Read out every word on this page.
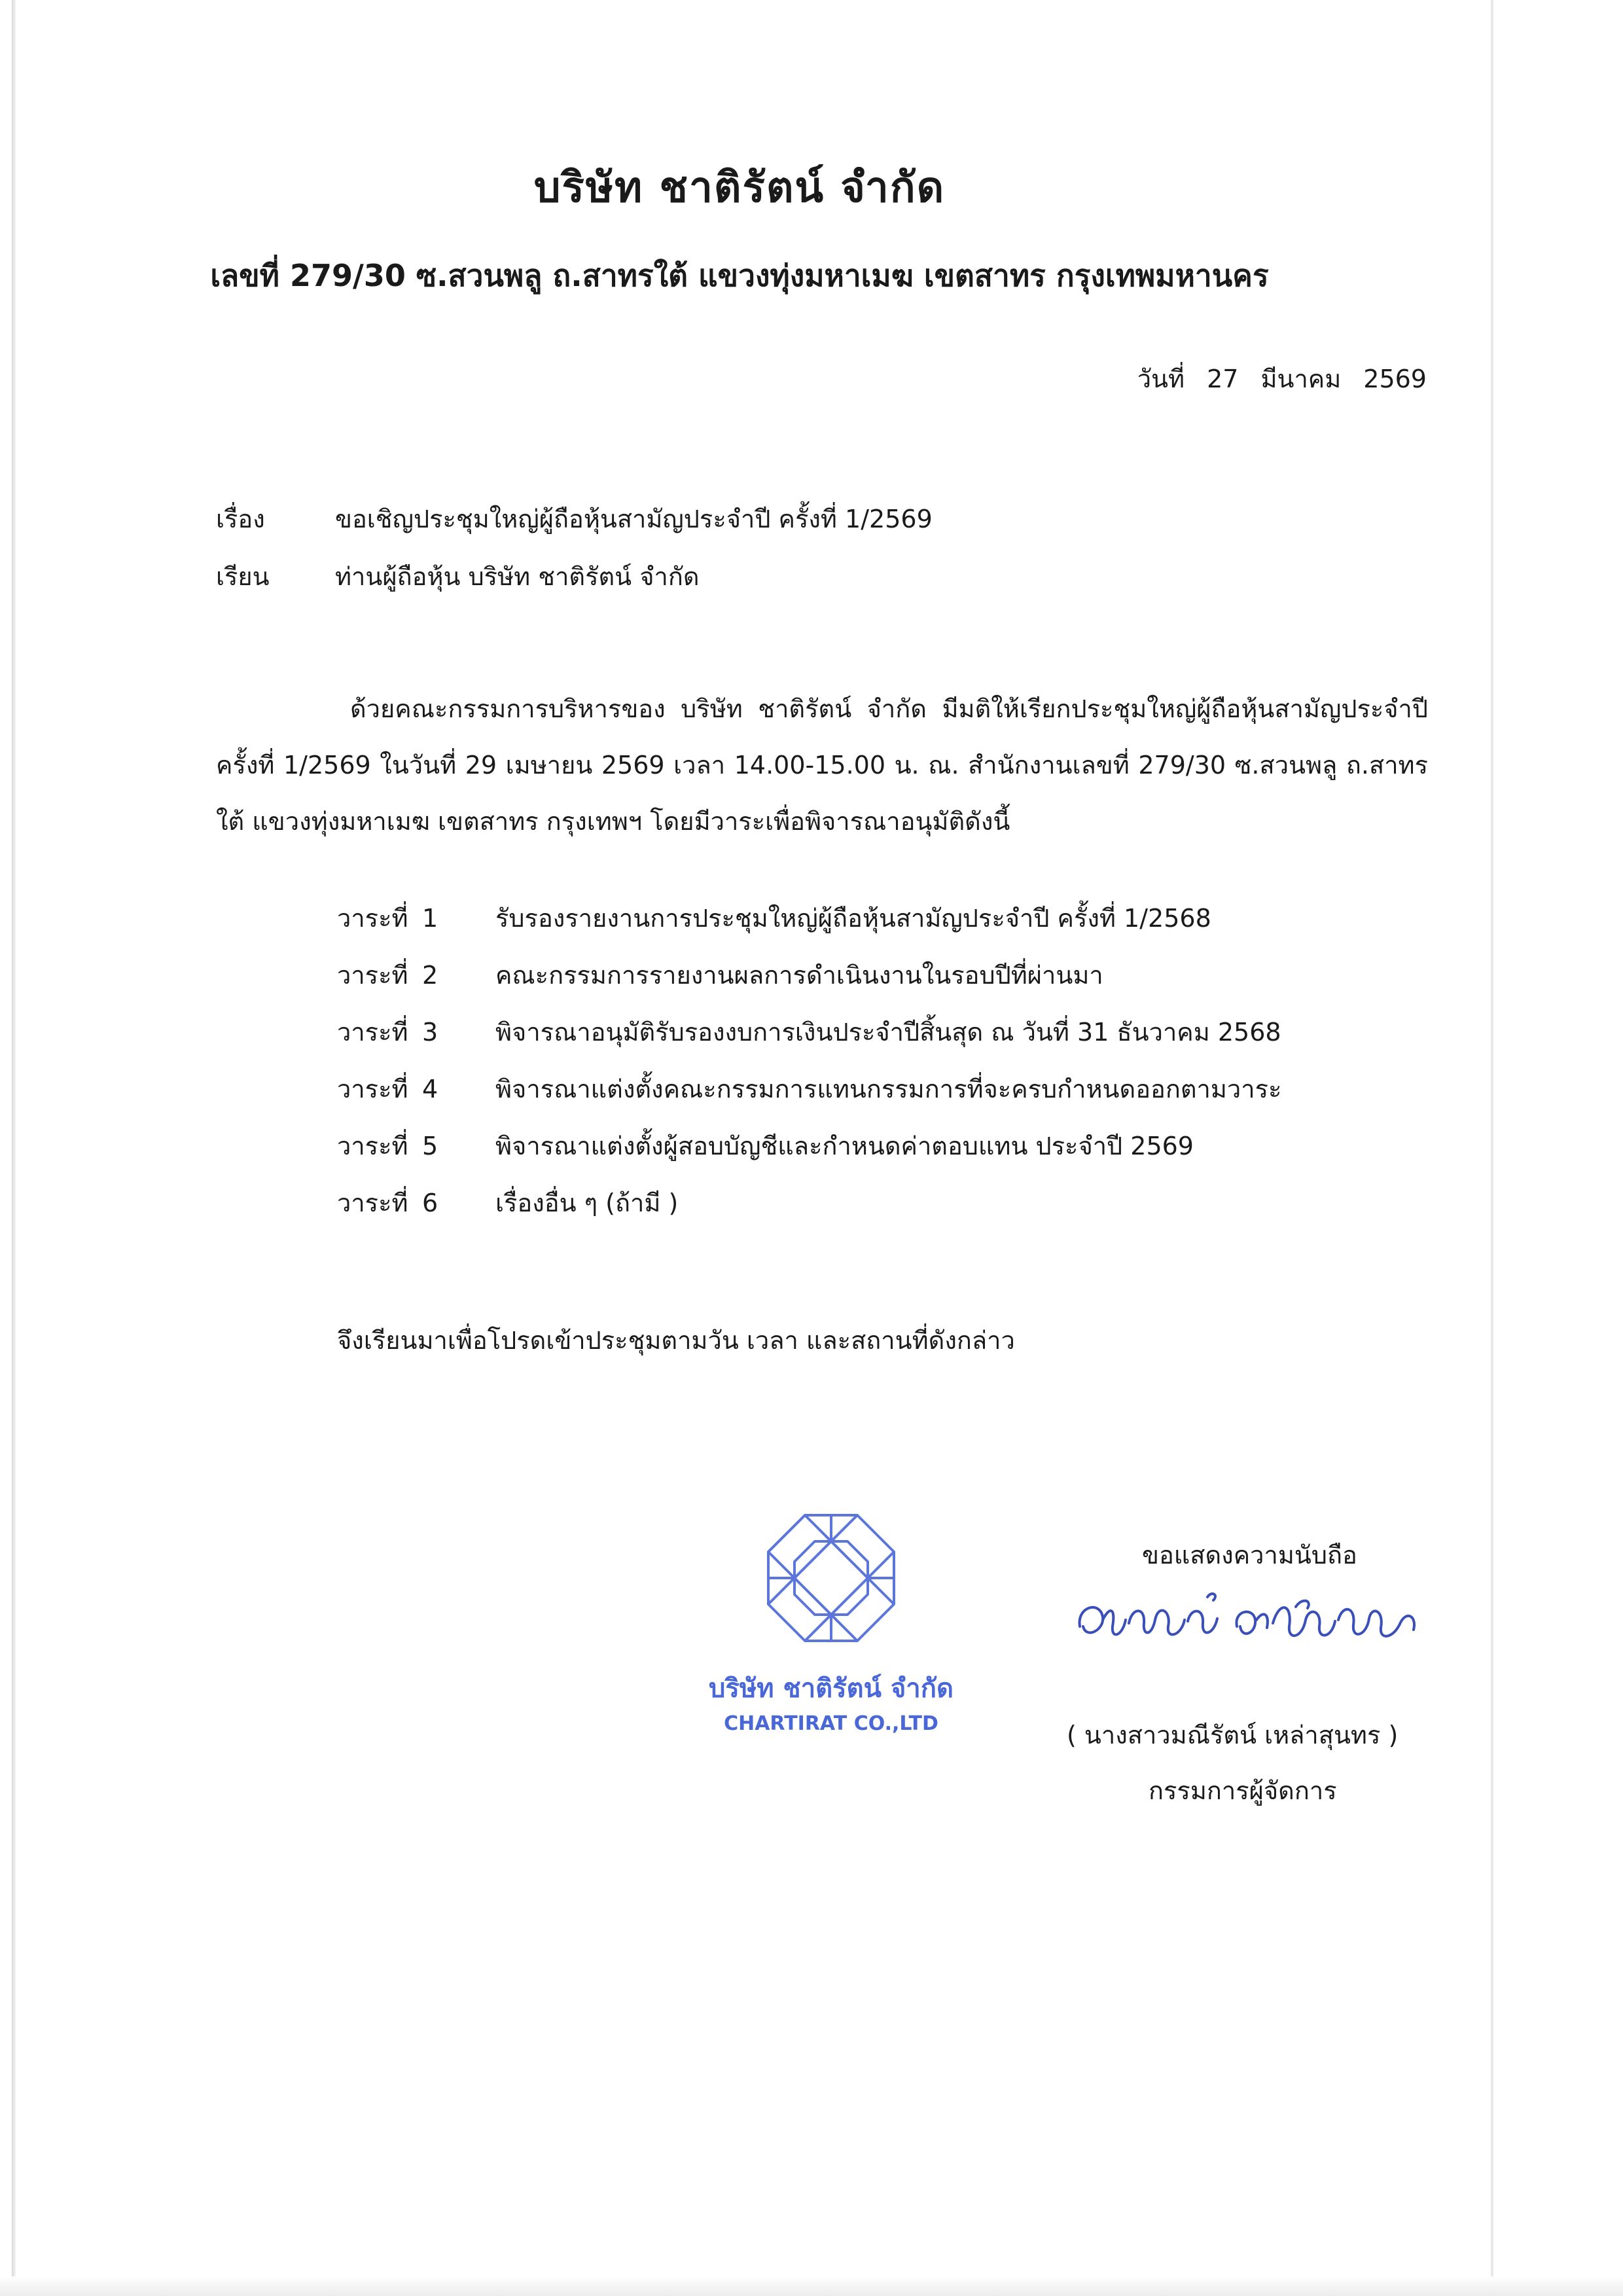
บริษัท ชาติรัตน์ จำกัด
เลขที่ 279/30 ซ.สวนพลู ถ.สาทรใต้ แขวงทุ่งมหาเมฆ เขตสาทร กรุงเทพมหานคร
วันที่ 27 มีนาคม 2569
เรื่อง	ขอเชิญประชุมใหญ่ผู้ถือหุ้นสามัญประจำปี ครั้งที่ 1/2569
เรียน	ท่านผู้ถือหุ้น บริษัท ชาติรัตน์ จำกัด
ด้วยคณะกรรมการบริหารของ บริษัท ชาติรัตน์ จำกัด มีมติให้เรียกประชุมใหญ่ผู้ถือหุ้นสามัญประจำปี ครั้งที่ 1/2569 ในวันที่ 29 เมษายน 2569 เวลา 14.00-15.00 น. ณ. สำนักงานเลขที่ 279/30 ซ.สวนพลู ถ.สาทรใต้ แขวงทุ่งมหาเมฆ เขตสาทร กรุงเทพฯ โดยมีวาระเพื่อพิจารณาอนุมัติดังนี้
วาระที่ 1	รับรองรายงานการประชุมใหญ่ผู้ถือหุ้นสามัญประจำปี ครั้งที่ 1/2568
วาระที่ 2	คณะกรรมการรายงานผลการดำเนินงานในรอบปีที่ผ่านมา
วาระที่ 3	พิจารณาอนุมัติรับรองงบการเงินประจำปีสิ้นสุด ณ วันที่ 31 ธันวาคม 2568
วาระที่ 4	พิจารณาแต่งตั้งคณะกรรมการแทนกรรมการที่จะครบกำหนดออกตามวาระ
วาระที่ 5	พิจารณาแต่งตั้งผู้สอบบัญชีและกำหนดค่าตอบแทน ประจำปี 2569
วาระที่ 6	เรื่องอื่น ๆ (ถ้ามี )
จึงเรียนมาเพื่อโปรดเข้าประชุมตามวัน เวลา และสถานที่ดังกล่าว
บริษัท ชาติรัตน์ จำกัด
CHARTIRAT CO.,LTD
ขอแสดงความนับถือ
( นางสาวมณีรัตน์ เหล่าสุนทร )
กรรมการผู้จัดการ
